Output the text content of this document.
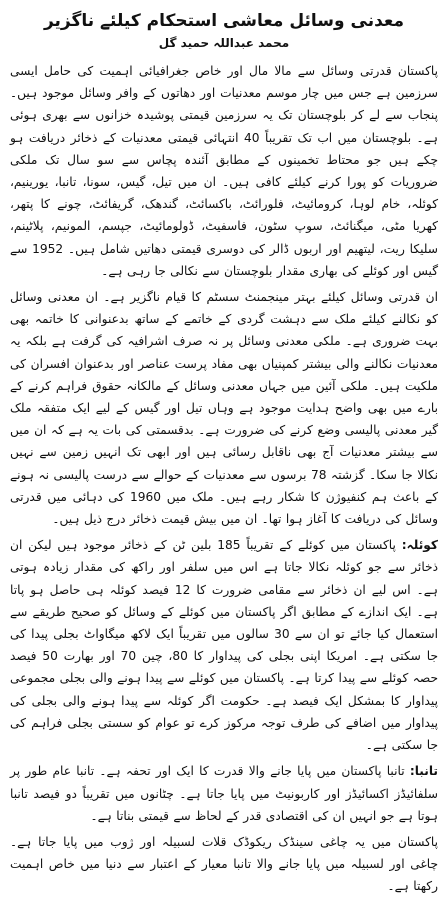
معدنی وسائل معاشی استحکام کیلئے ناگزیر
محمد عبداللہ حمید گل

پاکستان قدرتی وسائل سے مالا مال اور خاص جغرافیائی اہمیت کی حامل ایسی سرزمین ہے جس میں چار موسم معدنیات اور دھاتوں کے وافر وسائل موجود ہیں۔ پنجاب سے لے کر بلوچستان تک یہ سرزمین قیمتی پوشیدہ خزانوں سے بھری ہوئی ہے۔ بلوچستان میں اب تک تقریباً 40 انتہائی قیمتی معدنیات کے ذخائر دریافت ہو چکے ہیں جو محتاط تخمینوں کے مطابق آئندہ پچاس سے سو سال تک ملکی ضروریات کو پورا کرنے کیلئے کافی ہیں۔ ان میں تیل، گیس، سونا، تانبا، یورینیم، کوئلہ، خام لوہا، کرومائیٹ، فلورائٹ، باکسائٹ، گندھک، گریفائٹ، چونے کا پتھر، کھریا مٹی، میگنائٹ، سوپ سٹون، فاسفیٹ، ڈولومائیٹ، جپسم، المونیم، پلاٹینم، سلیکا ریت، لیتھیم اور اربوں ڈالر کی دوسری قیمتی دھاتیں شامل ہیں۔ 1952 سے گیس اور کوئلے کی بھاری مقدار بلوچستان سے نکالی جا رہی ہے۔

ان قدرتی وسائل کیلئے بہتر مینجمنٹ سسٹم کا قیام ناگزیر ہے۔ ان معدنی وسائل کو نکالنے کیلئے ملک سے دہشت گردی کے خاتمے کے ساتھ بدعنوانی کا خاتمہ بھی بہت ضروری ہے۔ ملکی معدنی وسائل پر نہ صرف اشرافیہ کی گرفت ہے بلکہ یہ معدنیات نکالنے والی بیشتر کمپنیاں بھی مفاد پرست عناصر اور بدعنوان افسران کی ملکیت ہیں۔ ملکی آئین میں جہاں معدنی وسائل کے مالکانہ حقوق فراہم کرنے کے بارے میں بھی واضح ہدایت موجود ہے وہاں تیل اور گیس کے لیے ایک متفقہ ملک گیر معدنی پالیسی وضع کرنے کی ضرورت ہے۔ بدقسمتی کی بات یہ ہے کہ ان میں سے بیشتر معدنیات آج بھی ناقابل رسائی ہیں اور ابھی تک انہیں زمین سے نہیں نکالا جا سکا۔ گزشتہ 78 برسوں سے معدنیات کے حوالے سے درست پالیسی نہ ہونے کے باعث ہم کنفیوژن کا شکار رہے ہیں۔ ملک میں 1960 کی دہائی میں قدرتی وسائل کی دریافت کا آغاز ہوا تھا۔ ان میں بیش قیمت ذخائر درج ذیل ہیں۔

کوئلہ: پاکستان میں کوئلے کے تقریباً 185 بلین ٹن کے ذخائر موجود ہیں لیکن ان ذخائر سے جو کوئلہ نکالا جاتا ہے اس میں سلفر اور راکھ کی مقدار زیادہ ہوتی ہے۔ اس لیے ان ذخائر سے مقامی ضرورت کا 12 فیصد کوئلہ ہی حاصل ہو پاتا ہے۔ ایک اندازے کے مطابق اگر پاکستان میں کوئلے کے وسائل کو صحیح طریقے سے استعمال کیا جائے تو ان سے 30 سالوں میں تقریباً ایک لاکھ میگاواٹ بجلی پیدا کی جا سکتی ہے۔ امریکا اپنی بجلی کی پیداوار کا 80، چین 70 اور بھارت 50 فیصد حصہ کوئلے سے پیدا کرتا ہے۔ پاکستان میں کوئلے سے پیدا ہونے والی بجلی مجموعی پیداوار کا بمشکل ایک فیصد ہے۔ حکومت اگر کوئلہ سے پیدا ہونے والی بجلی کی پیداوار میں اضافے کی طرف توجہ مرکوز کرے تو عوام کو سستی بجلی فراہم کی جا سکتی ہے۔

تانبا: تانبا پاکستان میں پایا جانے والا قدرت کا ایک اور تحفہ ہے۔ تانبا عام طور پر سلفائیڈز اکسائیڈز اور کاربونیٹ میں پایا جاتا ہے۔ چٹانوں میں تقریباً دو فیصد تانبا ہوتا ہے جو انہیں ان کی اقتصادی قدر کے لحاظ سے قیمتی بناتا ہے۔

پاکستان میں یہ چاغی سینڈک ریکوڈک قلات لسبیلہ اور ژوب میں پایا جاتا ہے۔ چاغی اور لسبیلہ میں پایا جانے والا تانبا معیار کے اعتبار سے دنیا میں خاص اہمیت رکھتا ہے۔
